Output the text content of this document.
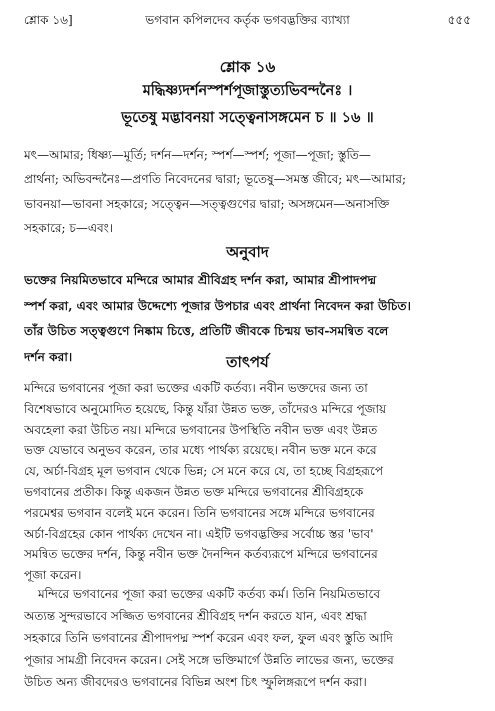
শ্লোক ১৬]	ভগবান কপিলদেব কর্তৃক ভগবদ্ভক্তির ব্যাখ্যা	৫৫৫
শ্লোক ১৬
মদ্ধিষ্ণ্যদর্শনস্পর্শপূজাস্তুত্যভিবন্দনৈঃ ।
ভূতেষু মদ্ভাবনয়া সত্ত্বেনাসঙ্গমেন চ ॥ ১৬ ॥
মৎ—আমার; ধিষ্ণ্য—মূর্তি; দর্শন—দর্শন; স্পর্শ—স্পর্শ; পূজা—পূজা; স্তুতি—
প্রার্থনা; অভিবন্দনৈঃ—প্রণতি নিবেদনের দ্বারা; ভূতেষু—সমস্ত জীবে; মৎ—আমার;
ভাবনয়া—ভাবনা সহকারে; সত্ত্বেন—সত্ত্বগুণের দ্বারা; অসঙ্গমেন—অনাসক্তি
সহকারে; চ—এবং।
অনুবাদ
ভক্তের নিয়মিতভাবে মন্দিরে আমার শ্রীবিগ্রহ দর্শন করা, আমার শ্রীপাদপদ্ম
স্পর্শ করা, এবং আমার উদ্দেশ্যে পূজার উপচার এবং প্রার্থনা নিবেদন করা উচিত।
তাঁর উচিত সত্ত্বগুণে নিষ্কাম চিত্তে, প্রতিটি জীবকে চিন্ময় ভাব-সমন্বিত বলে
দর্শন করা।	তাৎপর্য
মন্দিরে ভগবানের পূজা করা ভক্তের একটি কর্তব্য। নবীন ভক্তদের জন্য তা
বিশেষভাবে অনুমোদিত হয়েছে, কিন্তু যাঁরা উন্নত ভক্ত, তাঁদেরও মন্দিরে পূজায়
অবহেলা করা উচিত নয়। মন্দিরে ভগবানের উপস্থিতি নবীন ভক্ত এবং উন্নত
ভক্ত যেভাবে অনুভব করেন, তার মধ্যে পার্থক্য রয়েছে। নবীন ভক্ত মনে করে
যে, অর্চা-বিগ্রহ মূল ভগবান থেকে ভিন্ন; সে মনে করে যে, তা হচ্ছে বিগ্রহরূপে
ভগবানের প্রতীক। কিন্তু একজন উন্নত ভক্ত মন্দিরে ভগবানের শ্রীবিগ্রহকে
পরমেশ্বর ভগবান বলেই মনে করেন। তিনি ভগবানের সঙ্গে মন্দিরে ভগবানের
অর্চা-বিগ্রহের কোন পার্থক্য দেখেন না। এইটি ভগবদ্ভক্তির সর্বোচ্চ স্তর 'ভাব'
সমন্বিত ভক্তের দর্শন, কিন্তু নবীন ভক্ত দৈনন্দিন কর্তব্যরূপে মন্দিরে ভগবানের
পূজা করেন।
মন্দিরে ভগবানের পূজা করা ভক্তের একটি কর্তব্য কর্ম। তিনি নিয়মিতভাবে
অত্যন্ত সুন্দরভাবে সজ্জিত ভগবানের শ্রীবিগ্রহ দর্শন করতে যান, এবং শ্রদ্ধা
সহকারে তিনি ভগবানের শ্রীপাদপদ্ম স্পর্শ করেন এবং ফল, ফুল এবং স্তুতি আদি
পূজার সামগ্রী নিবেদন করেন। সেই সঙ্গে ভক্তিমার্গে উন্নতি লাভের জন্য, ভক্তের
উচিত অন্য জীবদেরও ভগবানের বিভিন্ন অংশ চিৎ স্ফুলিঙ্গরূপে দর্শন করা।
